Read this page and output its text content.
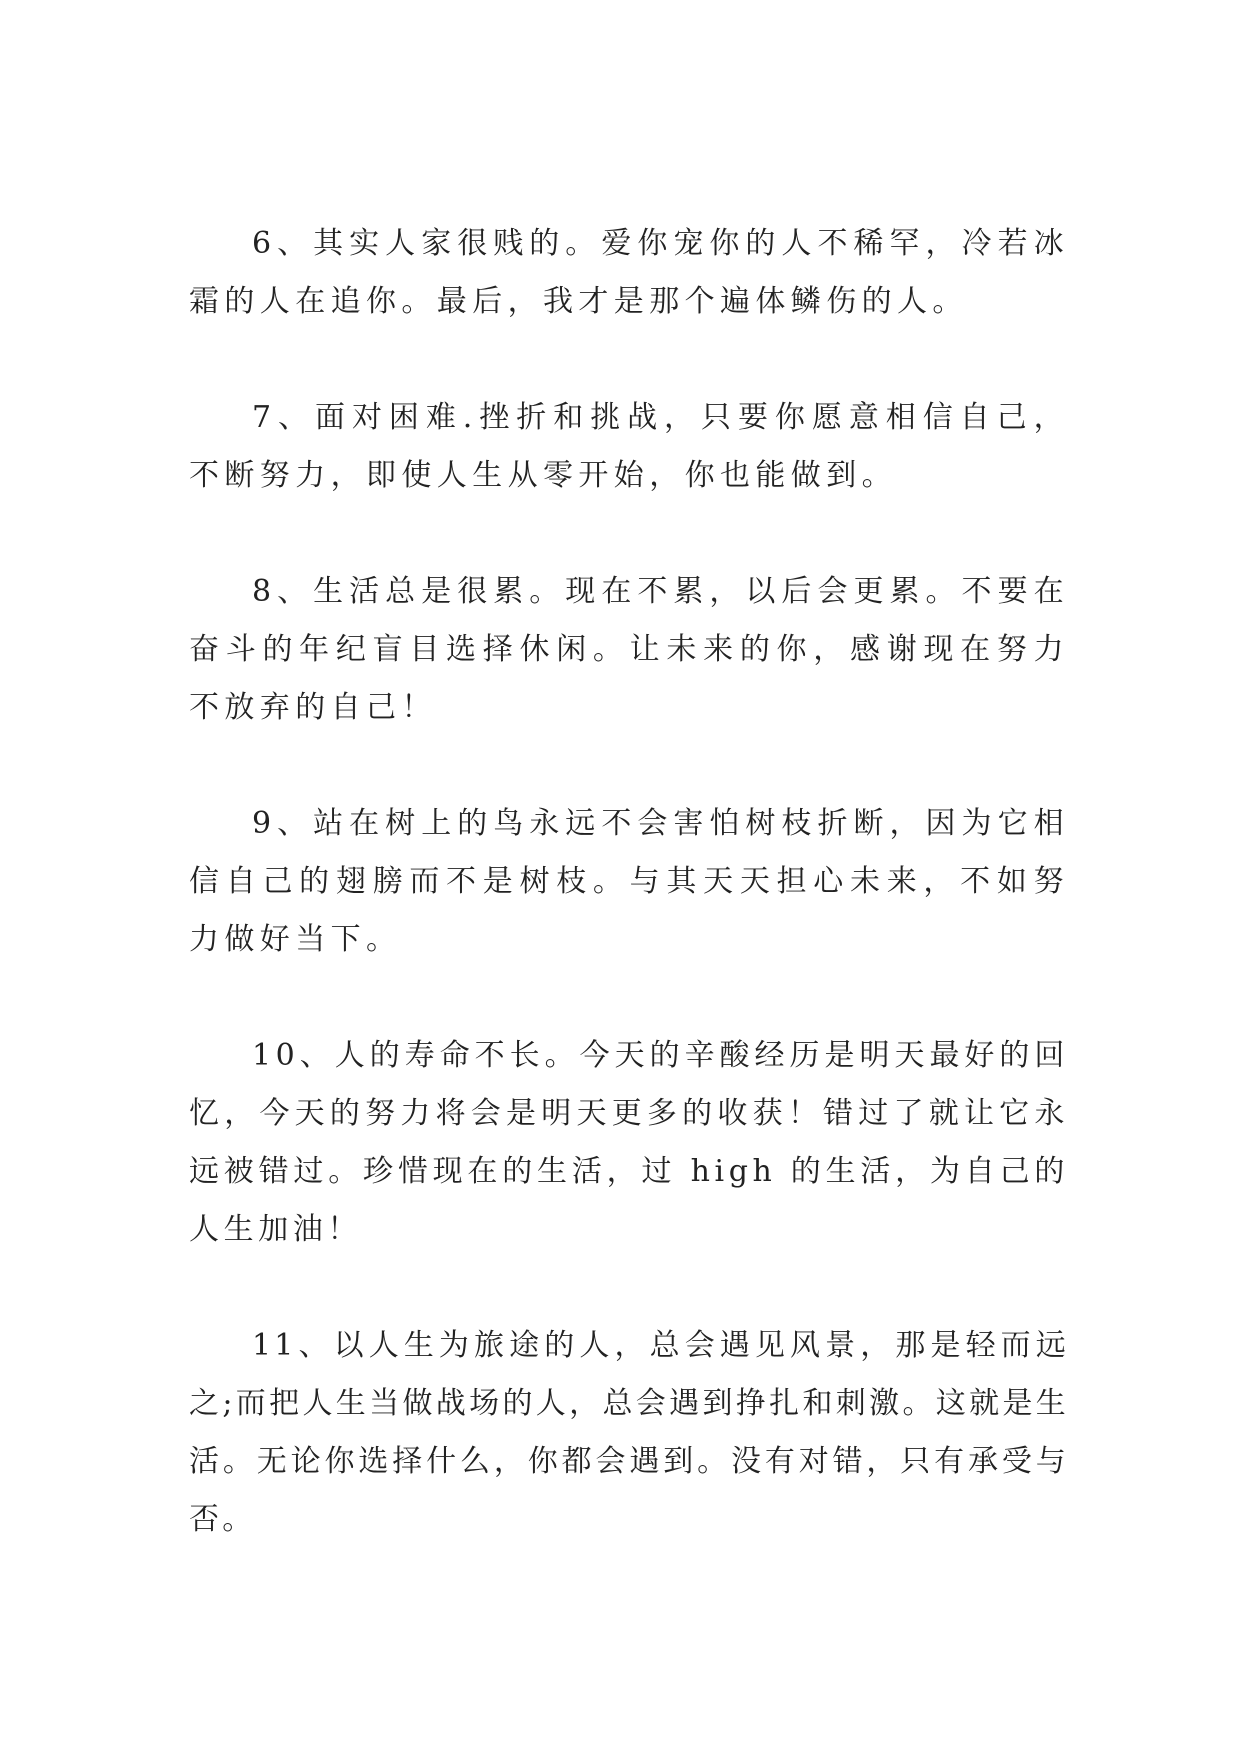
6、其实人家很贱的。爱你宠你的人不稀罕，冷若冰霜的人在追你。最后，我才是那个遍体鳞伤的人。

7、面对困难.挫折和挑战，只要你愿意相信自己，不断努力，即使人生从零开始，你也能做到。

8、生活总是很累。现在不累，以后会更累。不要在奋斗的年纪盲目选择休闲。让未来的你，感谢现在努力不放弃的自己！

9、站在树上的鸟永远不会害怕树枝折断，因为它相信自己的翅膀而不是树枝。与其天天担心未来，不如努力做好当下。

10、人的寿命不长。今天的辛酸经历是明天最好的回忆，今天的努力将会是明天更多的收获！错过了就让它永远被错过。珍惜现在的生活，过 high 的生活，为自己的人生加油！

11、以人生为旅途的人，总会遇见风景，那是轻而远之;而把人生当做战场的人，总会遇到挣扎和刺激。这就是生活。无论你选择什么，你都会遇到。没有对错，只有承受与否。
